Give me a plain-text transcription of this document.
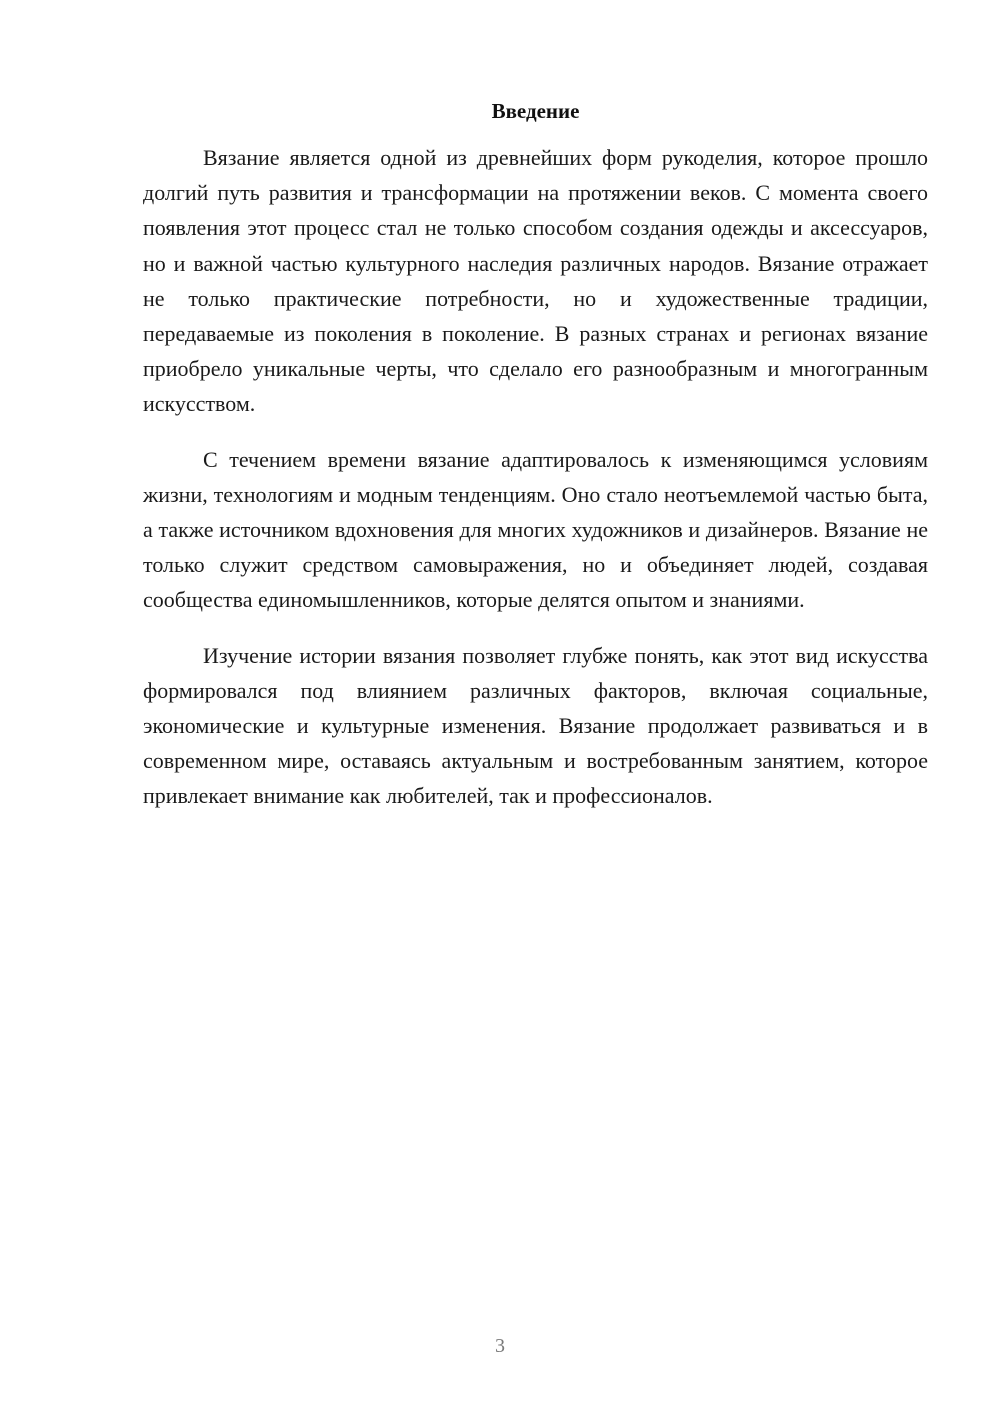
Введение

Вязание является одной из древнейших форм рукоделия, которое прошло долгий путь развития и трансформации на протяжении веков. С момента своего появления этот процесс стал не только способом создания одежды и аксессуаров, но и важной частью культурного наследия различных народов. Вязание отражает не только практические потребности, но и художественные традиции, передаваемые из поколения в поколение. В разных странах и регионах вязание приобрело уникальные черты, что сделало его разнообразным и многогранным искусством.

С течением времени вязание адаптировалось к изменяющимся условиям жизни, технологиям и модным тенденциям. Оно стало неотъемлемой частью быта, а также источником вдохновения для многих художников и дизайнеров. Вязание не только служит средством самовыражения, но и объединяет людей, создавая сообщества единомышленников, которые делятся опытом и знаниями.

Изучение истории вязания позволяет глубже понять, как этот вид искусства формировался под влиянием различных факторов, включая социальные, экономические и культурные изменения. Вязание продолжает развиваться и в современном мире, оставаясь актуальным и востребованным занятием, которое привлекает внимание как любителей, так и профессионалов.

3
